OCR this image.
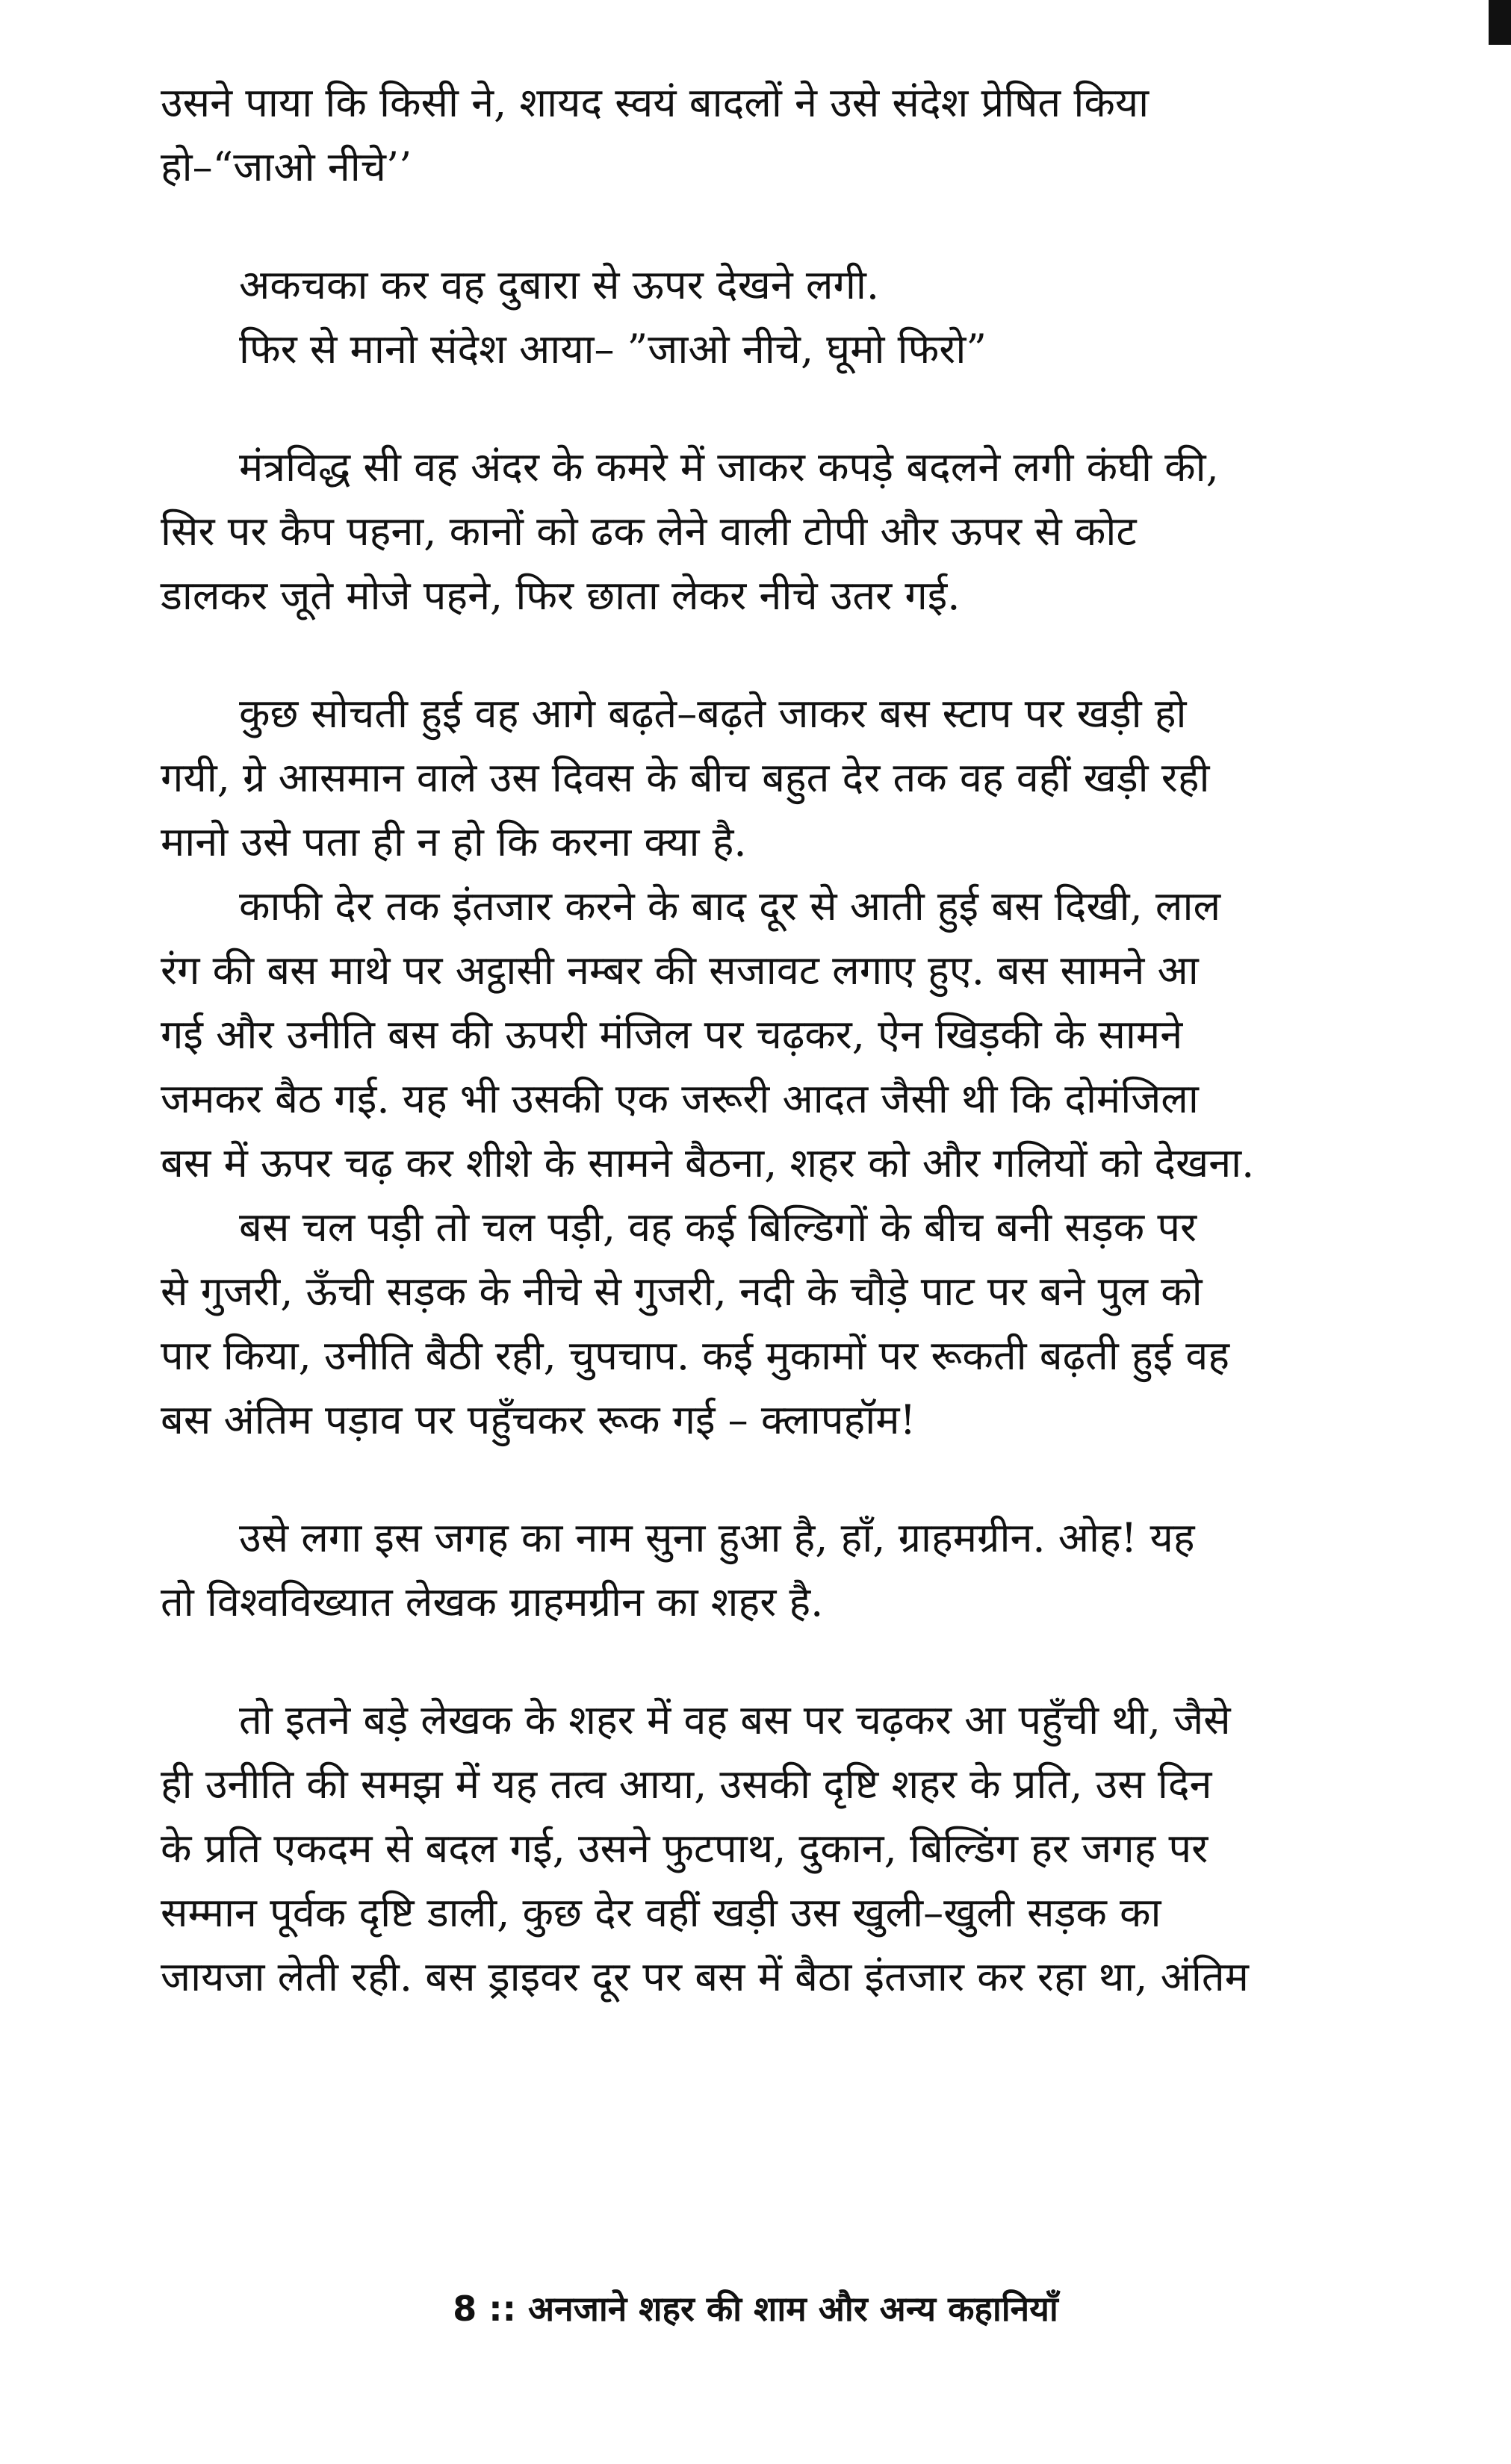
उसने पाया कि किसी ने, शायद स्वयं बादलों ने उसे संदेश प्रेषित किया
हो–“जाओ नीचे’’
अकचका कर वह दुबारा से ऊपर देखने लगी.
फिर से मानो संदेश आया– ”जाओ नीचे, घूमो फिरो”
मंत्रविद्ध सी वह अंदर के कमरे में जाकर कपड़े बदलने लगी कंघी की,
सिर पर कैप पहना, कानों को ढक लेने वाली टोपी और ऊपर से कोट
डालकर जूते मोजे पहने, फिर छाता लेकर नीचे उतर गई.
कुछ सोचती हुई वह आगे बढ़ते–बढ़ते जाकर बस स्टाप पर खड़ी हो
गयी, ग्रे आसमान वाले उस दिवस के बीच बहुत देर तक वह वहीं खड़ी रही
मानो उसे पता ही न हो कि करना क्या है.
काफी देर तक इंतजार करने के बाद दूर से आती हुई बस दिखी, लाल
रंग की बस माथे पर अट्ठासी नम्बर की सजावट लगाए हुए. बस सामने आ
गई और उनीति बस की ऊपरी मंजिल पर चढ़कर, ऐन खिड़की के सामने
जमकर बैठ गई. यह भी उसकी एक जरूरी आदत जैसी थी कि दोमंजिला
बस में ऊपर चढ़ कर शीशे के सामने बैठना, शहर को और गलियों को देखना.
बस चल पड़ी तो चल पड़ी, वह कई बिल्डिगों के बीच बनी सड़क पर
से गुजरी, ऊँची सड़क के नीचे से गुजरी, नदी के चौड़े पाट पर बने पुल को
पार किया, उनीति बैठी रही, चुपचाप. कई मुकामों पर रूकती बढ़ती हुई वह
बस अंतिम पड़ाव पर पहुँचकर रूक गई – क्लापहॉम!
उसे लगा इस जगह का नाम सुना हुआ है, हाँ, ग्राहमग्रीन. ओह! यह
तो विश्वविख्यात लेखक ग्राहमग्रीन का शहर है.
तो इतने बड़े लेखक के शहर में वह बस पर चढ़कर आ पहुँची थी, जैसे
ही उनीति की समझ में यह तत्व आया, उसकी दृष्टि शहर के प्रति, उस दिन
के प्रति एकदम से बदल गई, उसने फुटपाथ, दुकान, बिल्डिंग हर जगह पर
सम्मान पूर्वक दृष्टि डाली, कुछ देर वहीं खड़ी उस खुली–खुली सड़क का
जायजा लेती रही. बस ड्राइवर दूर पर बस में बैठा इंतजार कर रहा था, अंतिम
8 :: अनजाने शहर की शाम और अन्य कहानियाँ
